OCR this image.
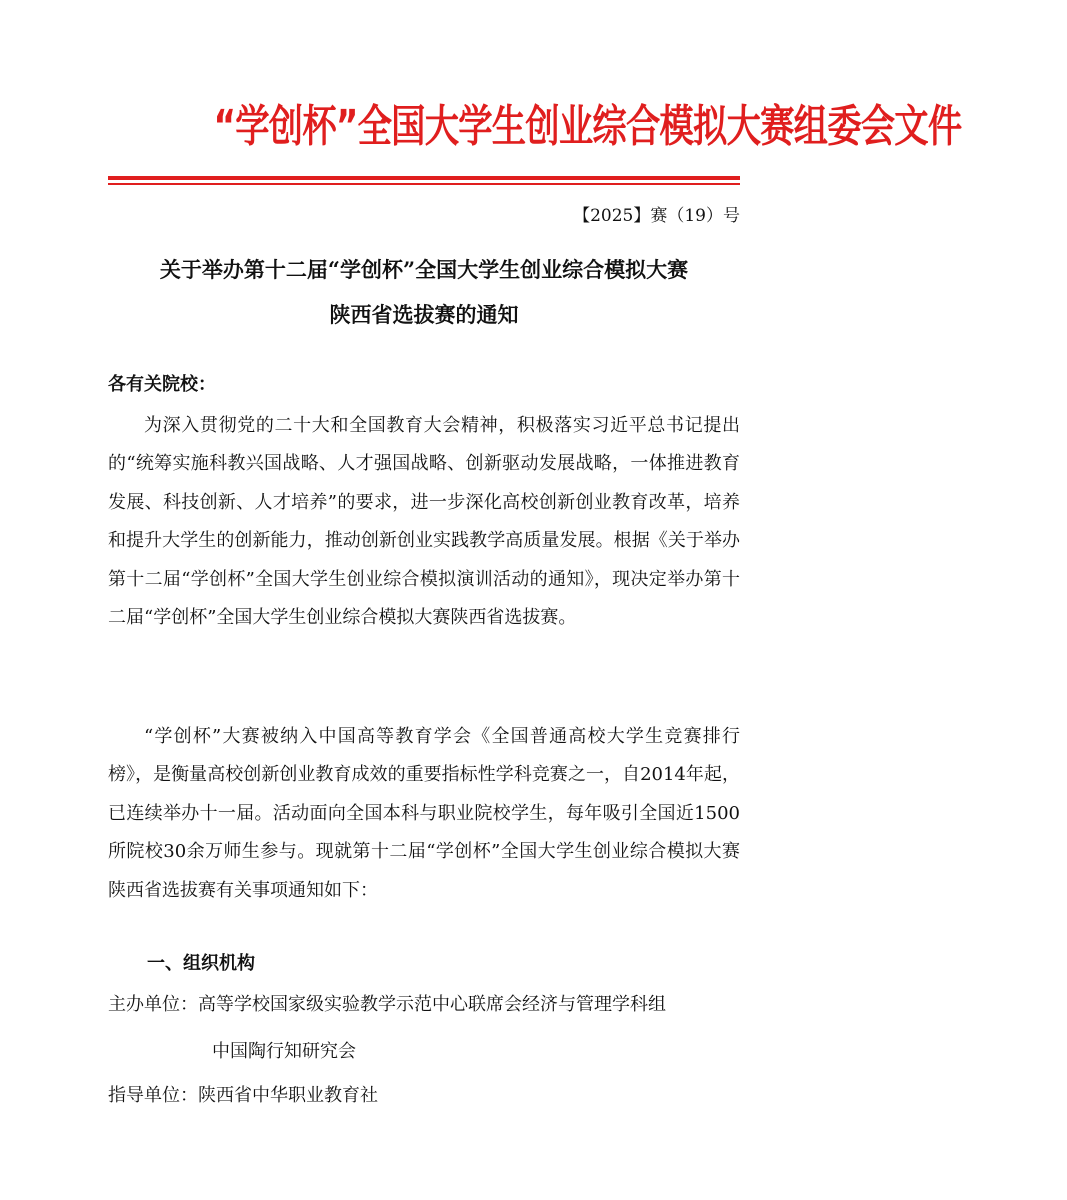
“学创杯”全国大学生创业综合模拟大赛组委会文件
【2025】赛（19）号
关于举办第十二届“学创杯”全国大学生创业综合模拟大赛
陕西省选拔赛的通知
各有关院校：

为深入贯彻党的二十大和全国教育大会精神，积极落实习近平总书记提出的“统筹实施科教兴国战略、人才强国战略、创新驱动发展战略，一体推进教育发展、科技创新、人才培养”的要求，进一步深化高校创新创业教育改革，培养和提升大学生的创新能力，推动创新创业实践教学高质量发展。根据《关于举办第十二届“学创杯”全国大学生创业综合模拟演训活动的通知》，现决定举办第十二届“学创杯”全国大学生创业综合模拟大赛陕西省选拔赛。

“学创杯”大赛被纳入中国高等教育学会《全国普通高校大学生竞赛排行榜》，是衡量高校创新创业教育成效的重要指标性学科竞赛之一，自2014年起，已连续举办十一届。活动面向全国本科与职业院校学生，每年吸引全国近1500所院校30余万师生参与。现就第十二届“学创杯”全国大学生创业综合模拟大赛陕西省选拔赛有关事项通知如下：

一、组织机构
主办单位：高等学校国家级实验教学示范中心联席会经济与管理学科组
中国陶行知研究会
指导单位：陕西省中华职业教育社
